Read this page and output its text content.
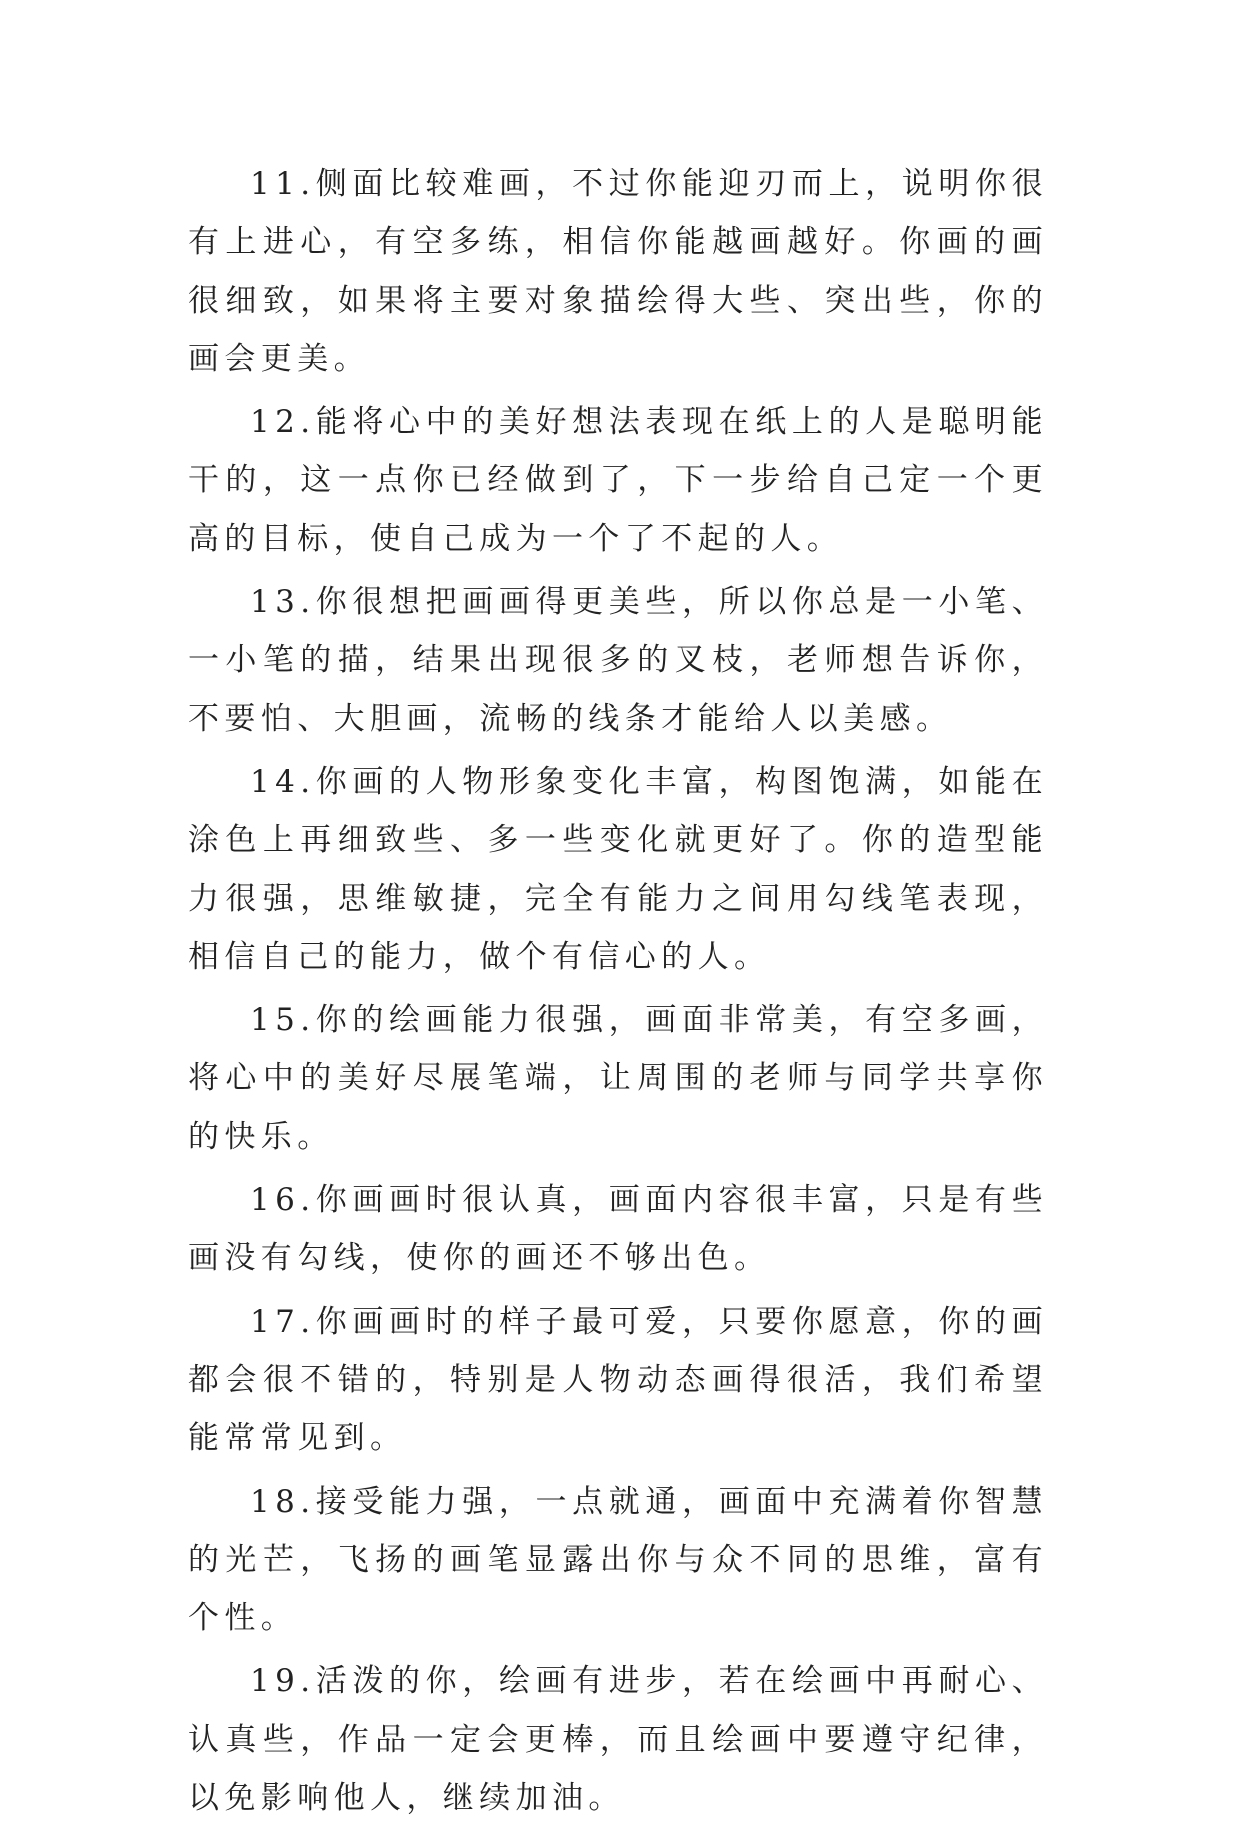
11.侧面比较难画，不过你能迎刃而上，说明你很有上进心，有空多练，相信你能越画越好。你画的画很细致，如果将主要对象描绘得大些、突出些，你的画会更美。

12.能将心中的美好想法表现在纸上的人是聪明能干的，这一点你已经做到了，下一步给自己定一个更高的目标，使自己成为一个了不起的人。

13.你很想把画画得更美些，所以你总是一小笔、一小笔的描，结果出现很多的叉枝，老师想告诉你，不要怕、大胆画，流畅的线条才能给人以美感。

14.你画的人物形象变化丰富，构图饱满，如能在涂色上再细致些、多一些变化就更好了。你的造型能力很强，思维敏捷，完全有能力之间用勾线笔表现，相信自己的能力，做个有信心的人。

15.你的绘画能力很强，画面非常美，有空多画，将心中的美好尽展笔端，让周围的老师与同学共享你的快乐。

16.你画画时很认真，画面内容很丰富，只是有些画没有勾线，使你的画还不够出色。

17.你画画时的样子最可爱，只要你愿意，你的画都会很不错的，特别是人物动态画得很活，我们希望能常常见到。

18.接受能力强，一点就通，画面中充满着你智慧的光芒，飞扬的画笔显露出你与众不同的思维，富有个性。

19.活泼的你，绘画有进步，若在绘画中再耐心、认真些，作品一定会更棒，而且绘画中要遵守纪律，以免影响他人，继续加油。
